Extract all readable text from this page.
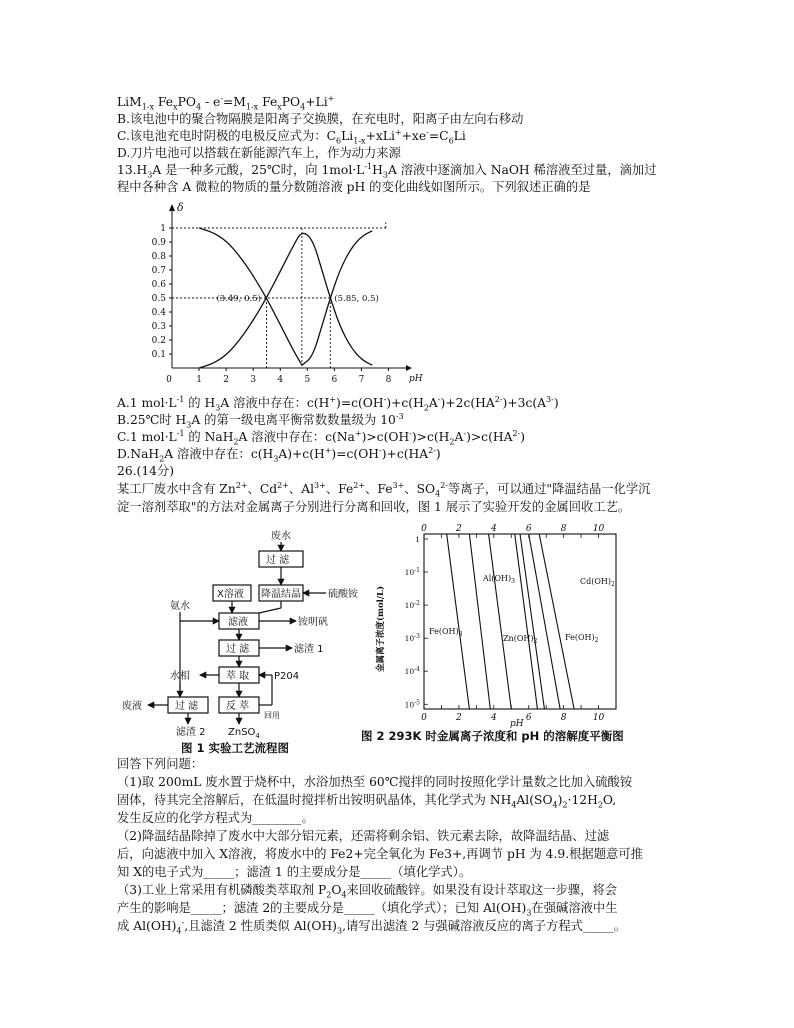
LiM$_{1-x}$ $Fe_xPO_4 - e^-=M_{1-x}$ $Fe_xPO_4+Li^+$
B.该电池中的聚合物隔膜是阳离子交换膜，在充电时，阳离子由左向右移动
C.该电池充电时阴极的电极反应式为：$C_6Li_{1-x}+xLi^++xe^-=C_6Li$
D.刀片电池可以搭载在新能源汽车上，作为动力来源
$13.H_3A$ 是一种多元酸，25℃时，向 $1mol\cdot L^{-1}H_3A$ 溶液中逐滴加入 NaOH 稀溶液至过量，滴加过
程中各种含 A 微粒的物质的量分数随溶液 pH 的变化曲线如图所示。下列叙述正确的是
0.1
0.2
0.3
0.4
0.5
0.6
0.7
0.8
0.9
1
0	1 2 3 4 5 6 7 8 pH
δ
(3.49, 0.5)	(5.85, 0.5)
A.1 $mol\cdot L^{-1}$ 的 $H_3A$ 溶液中存在：$c(H^+)=c(OH^-)+c(H_2A^-)+2c(HA^{2-})+3c(A^{3-})$
B.25℃时 $H_3A$ 的第一级电离平衡常数数量级为 $10^{-3}$
C.1 $mol\cdot L^{-1}$ 的 NaH$_2$A 溶液中存在：$c(Na^+)>c(OH^-)>c(H_2A^-)>c(HA^{2-})$
D.NaH$_2$A 溶液中存在：$c(H_3A)+c(H^+)=c(OH^-)+c(HA^{2-})$
26.(14分)
某工厂废水中含有 $Zn^{2+}$、$Cd^{2+}$、$Al^{3+}$、$Fe^{2+}$、$Fe^{3+}$、$SO_4^{2-}$等离子，可以通过"降温结晶一化学沉
淀一溶剂萃取"的方法对金属离子分别进行分离和回收，图 1 展示了实验开发的金属回收工艺。
废水
过 滤
X溶液 降温结晶	硫酸铵
氨水
滤液	铵明矾
过 滤	滤渣 1
水相	萃 取 P204
废液	过 滤	反 萃
回用
滤渣 2 ZnSO$_4$
图 1 实验工艺流程图
0	2	4	6	8	10
0	2	4	6	8	10
pH
1
$10^{-1}$
$10^{-2}$
$10^{-3}$
$10^{-4}$
$10^{-5}$
金属离子浓度(mol/L)	$Fe(OH)_3$
$Al(OH)_3$
$Zn(OH)_2$	$Fe(OH)_2$
$Cd(OH)_2$
图 2 293K 时金属离子浓度和 pH 的溶解度平衡图
回答下列问题：
（1)取 200mL 废水置于烧杯中，水浴加热至 60℃搅拌的同时按照化学计量数之比加入硫酸铵
固体，待其完全溶解后，在低温时搅拌析出铵明矾晶体，其化学式为 $NH_4Al(SO_4)_2\cdot 12H_2O$,
发生反应的化学方程式为________。
（2)降温结晶除掉了废水中大部分铝元素，还需将剩余铝、铁元素去除，故降温结晶、过滤
后，向滤液中加入 X溶液，将废水中的 Fe2+完全氧化为 Fe3+,再调节 pH 为 4.9.根据题意可推
知 X的电子式为_____；滤渣 1 的主要成分是_____（填化学式）。
（3)工业上常采用有机磷酸类萃取剂 $P_2O_4$来回收硫酸锌。如果没有设计萃取这一步骤，将会
产生的影响是_____；滤渣 2的主要成分是_____（填化学式）；已知 $Al(OH)_3$在强碱溶液中生
成 $Al(OH)_4^-$,且滤渣 2 性质类似 $Al(OH)_3$,请写出滤渣 2 与强碱溶液反应的离子方程式_____。
